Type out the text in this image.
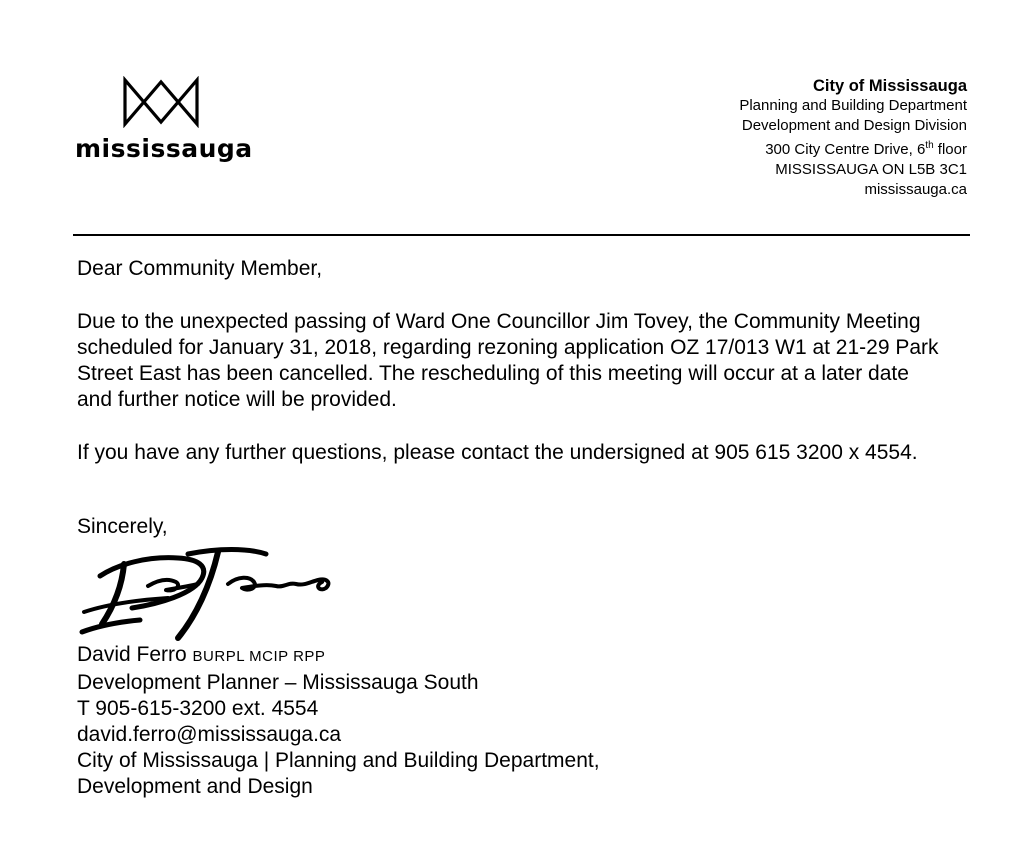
mississauga
City of Mississauga
Planning and Building Department
Development and Design Division
300 City Centre Drive, 6th floor
MISSISSAUGA ON L5B 3C1
mississauga.ca
Dear Community Member,
Due to the unexpected passing of Ward One Councillor Jim Tovey, the Community Meeting scheduled for January 31, 2018, regarding rezoning application OZ 17/013 W1 at 21-29 Park Street East has been cancelled. The rescheduling of this meeting will occur at a later date and further notice will be provided.
If you have any further questions, please contact the undersigned at 905 615 3200 x 4554.
Sincerely,
David Ferro BURPL MCIP RPP
Development Planner – Mississauga South
T 905-615-3200 ext. 4554
david.ferro@mississauga.ca
City of Mississauga | Planning and Building Department,
Development and Design
